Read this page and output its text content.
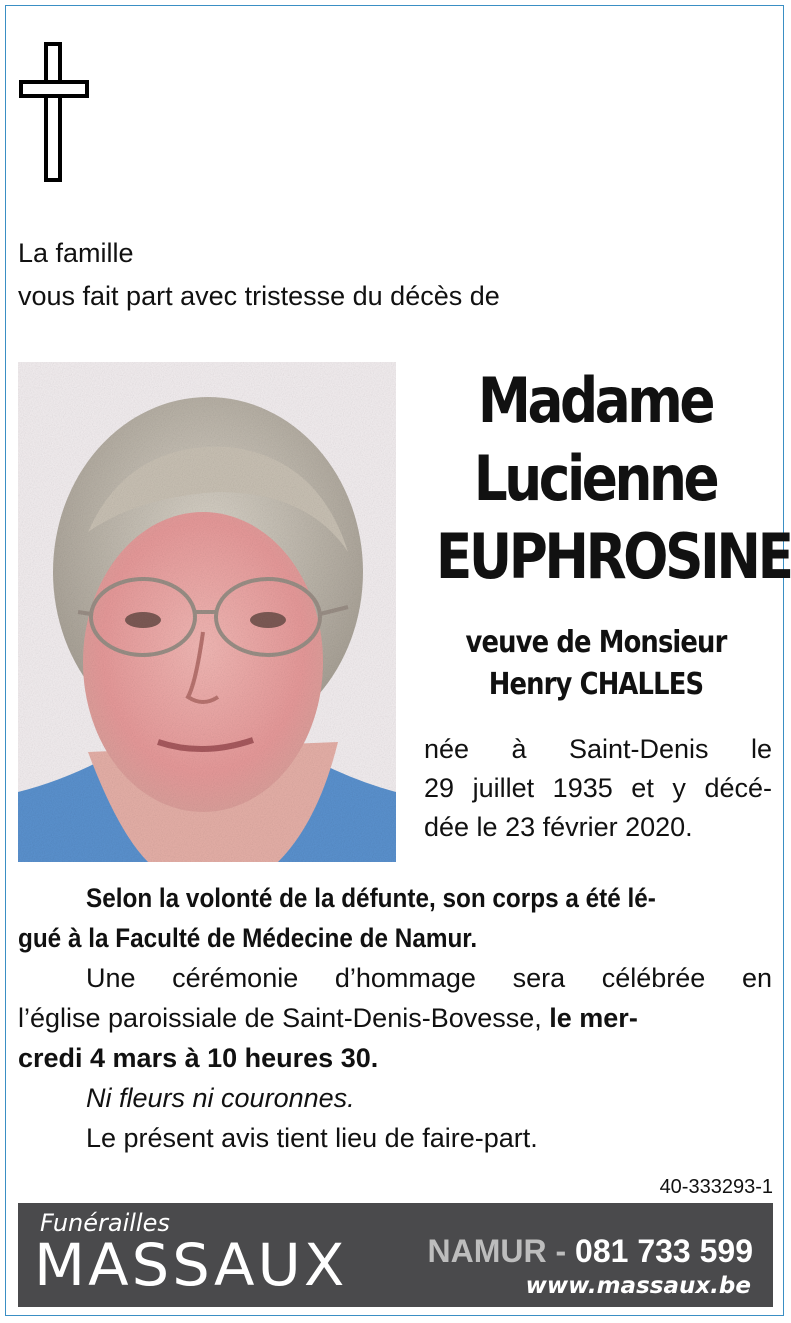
La famille
vous fait part avec tristesse du décès de
Madame
Lucienne
EUPHROSINE
veuve de Monsieur
Henry CHALLES
née à Saint-Denis le
29 juillet 1935 et y décé-
dée le 23 février 2020.
Selon la volonté de la défunte, son corps a été lé-
gué à la Faculté de Médecine de Namur.
Une cérémonie d’hommage sera célébrée en
l’église paroissiale de Saint-Denis-Bovesse, le mer-
credi 4 mars à 10 heures 30.
Ni fleurs ni couronnes.
Le présent avis tient lieu de faire-part.
40-333293-1
Funérailles
MASSAUX	NAMUR - 081 733 599
www.massaux.be
